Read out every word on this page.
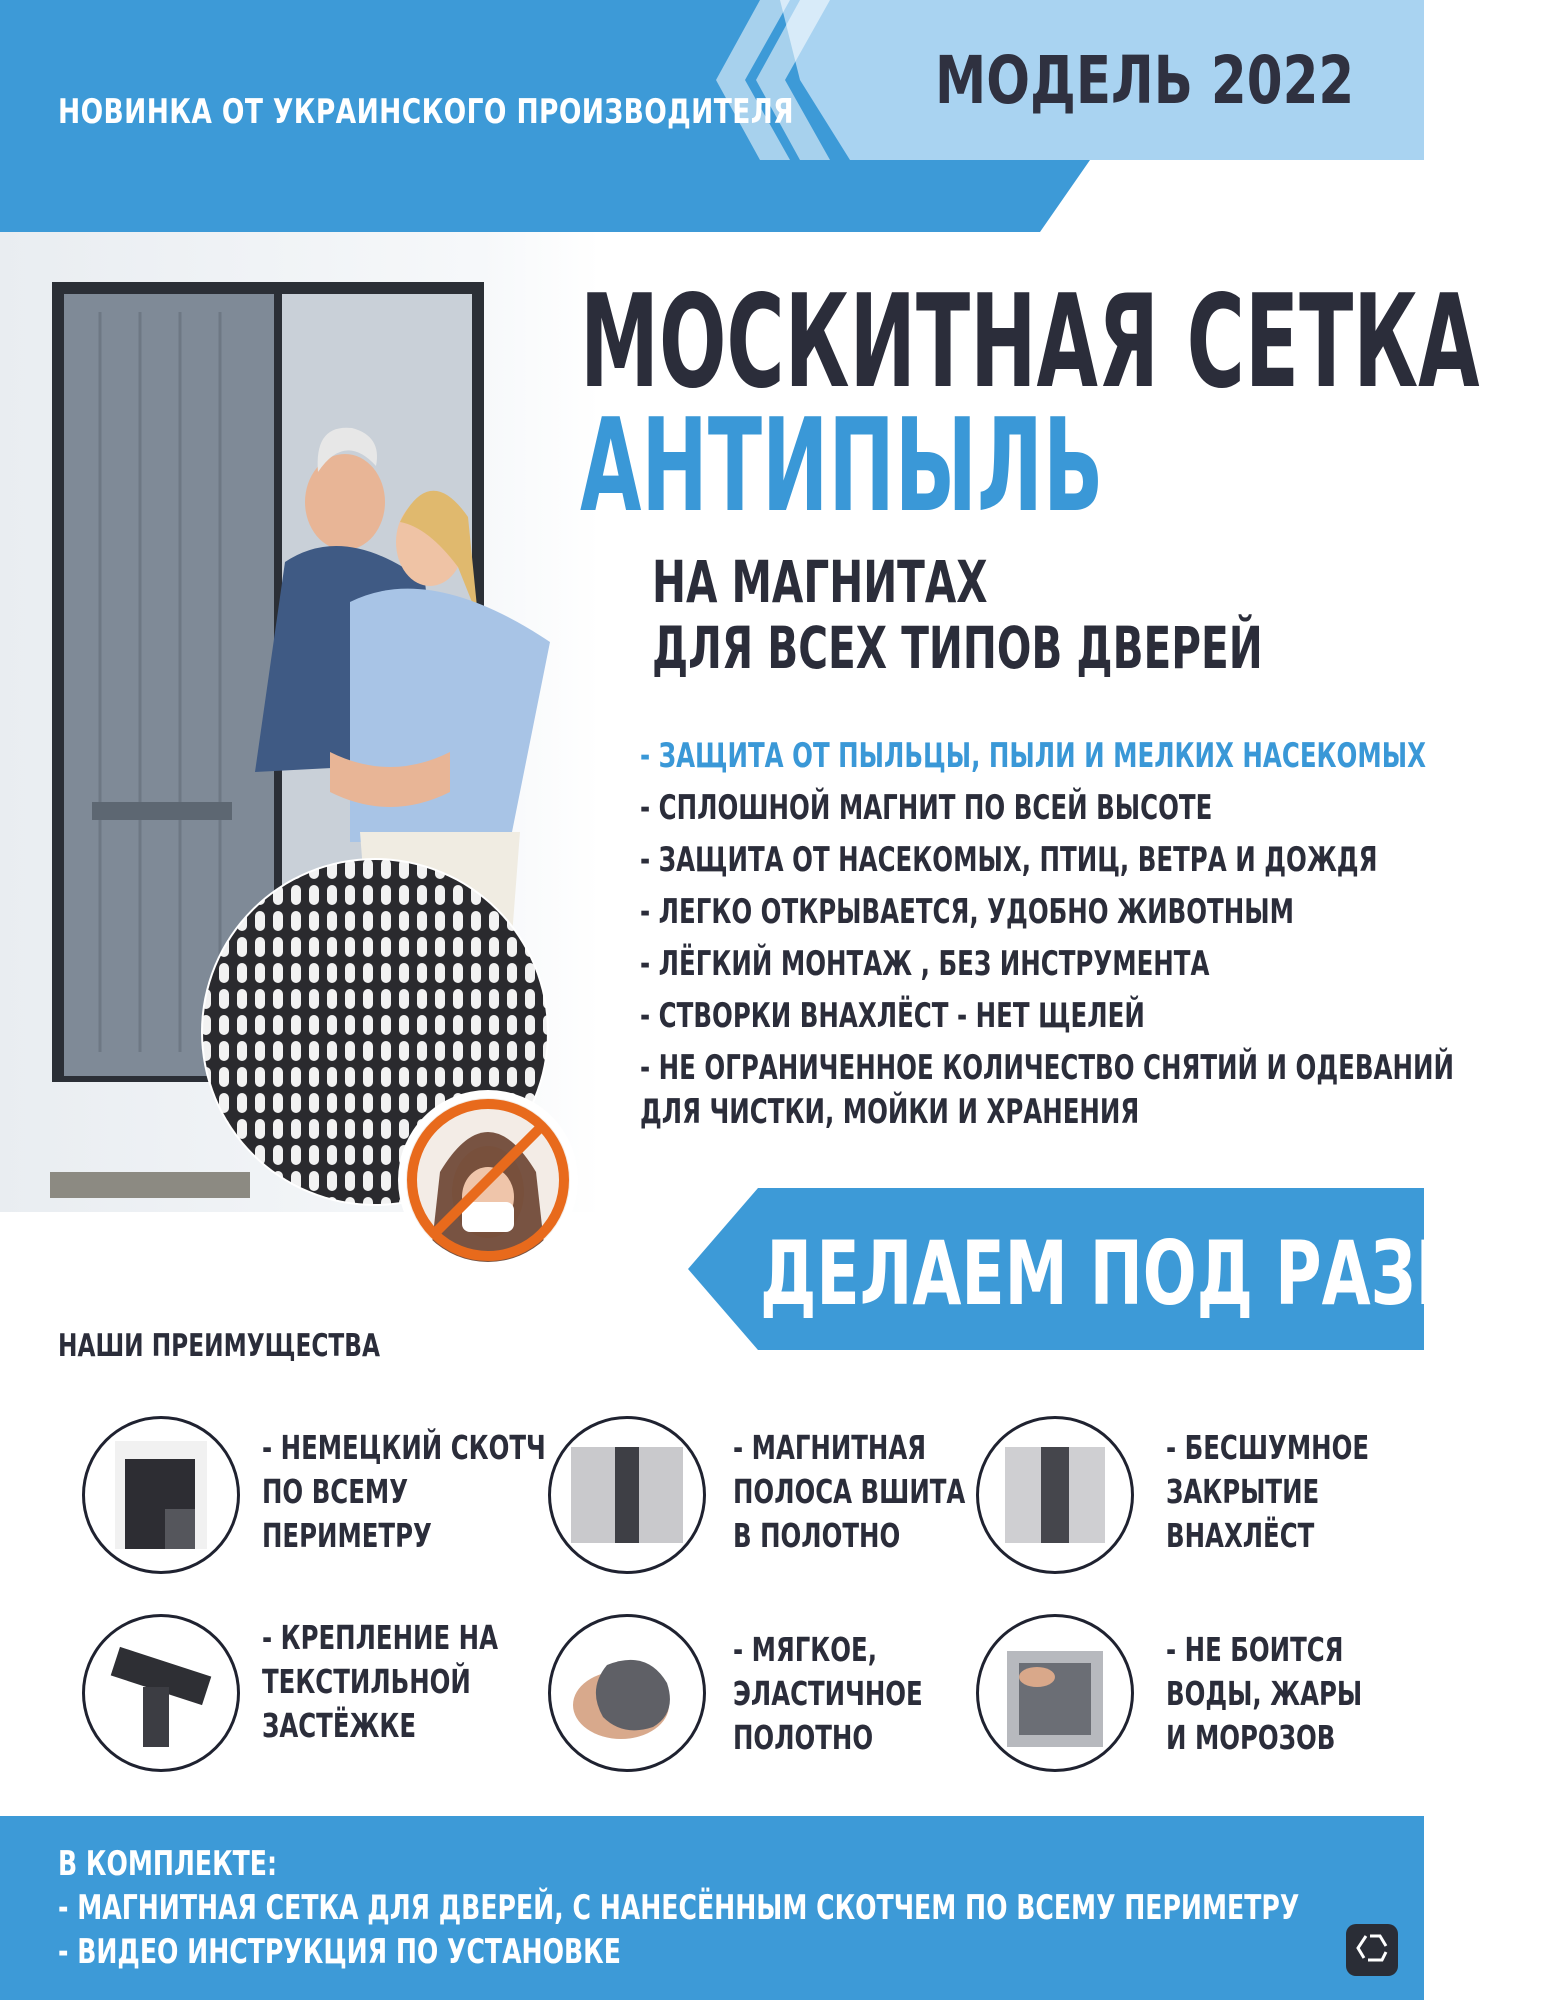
НОВИНКА ОТ УКРАИНСКОГО ПРОИЗВОДИТЕЛЯ МОДЕЛЬ 2022
МОСКИТНАЯ СЕТКА
АНТИПЫЛЬ
НА МАГНИТАХ
ДЛЯ ВСЕХ ТИПОВ ДВЕРЕЙ
- ЗАЩИТА ОТ ПЫЛЬЦЫ, ПЫЛИ И МЕЛКИХ НАСЕКОМЫХ
- СПЛОШНОЙ МАГНИТ ПО ВСЕЙ ВЫСОТЕ
- ЗАЩИТА ОТ НАСЕКОМЫХ, ПТИЦ, ВЕТРА И ДОЖДЯ
- ЛЕГКО ОТКРЫВАЕТСЯ, УДОБНО ЖИВОТНЫМ
- ЛЁГКИЙ МОНТАЖ , БЕЗ ИНСТРУМЕНТА
- СТВОРКИ ВНАХЛЁСТ - НЕТ ЩЕЛЕЙ
- НЕ ОГРАНИЧЕННОЕ КОЛИЧЕСТВО СНЯТИЙ И ОДЕВАНИЙ
ДЛЯ ЧИСТКИ, МОЙКИ И ХРАНЕНИЯ
ДЕЛАЕМ ПОД РАЗМЕР
НАШИ ПРЕИМУЩЕСТВА
- НЕМЕЦКИЙ СКОТЧ
ПО ВСЕМУ
ПЕРИМЕТРУ
- МАГНИТНАЯ
ПОЛОСА ВШИТА
В ПОЛОТНО
- БЕСШУМНОЕ
ЗАКРЫТИЕ
ВНАХЛЁСТ
- КРЕПЛЕНИЕ НА
ТЕКСТИЛЬНОЙ
ЗАСТЁЖКЕ
- МЯГКОЕ,
ЭЛАСТИЧНОЕ
ПОЛОТНО
- НЕ БОИТСЯ
ВОДЫ, ЖАРЫ
И МОРОЗОВ
В КОМПЛЕКТЕ:
- МАГНИТНАЯ СЕТКА ДЛЯ ДВЕРЕЙ, С НАНЕСЁННЫМ СКОТЧЕМ ПО ВСЕМУ ПЕРИМЕТРУ
- ВИДЕО ИНСТРУКЦИЯ ПО УСТАНОВКЕ
